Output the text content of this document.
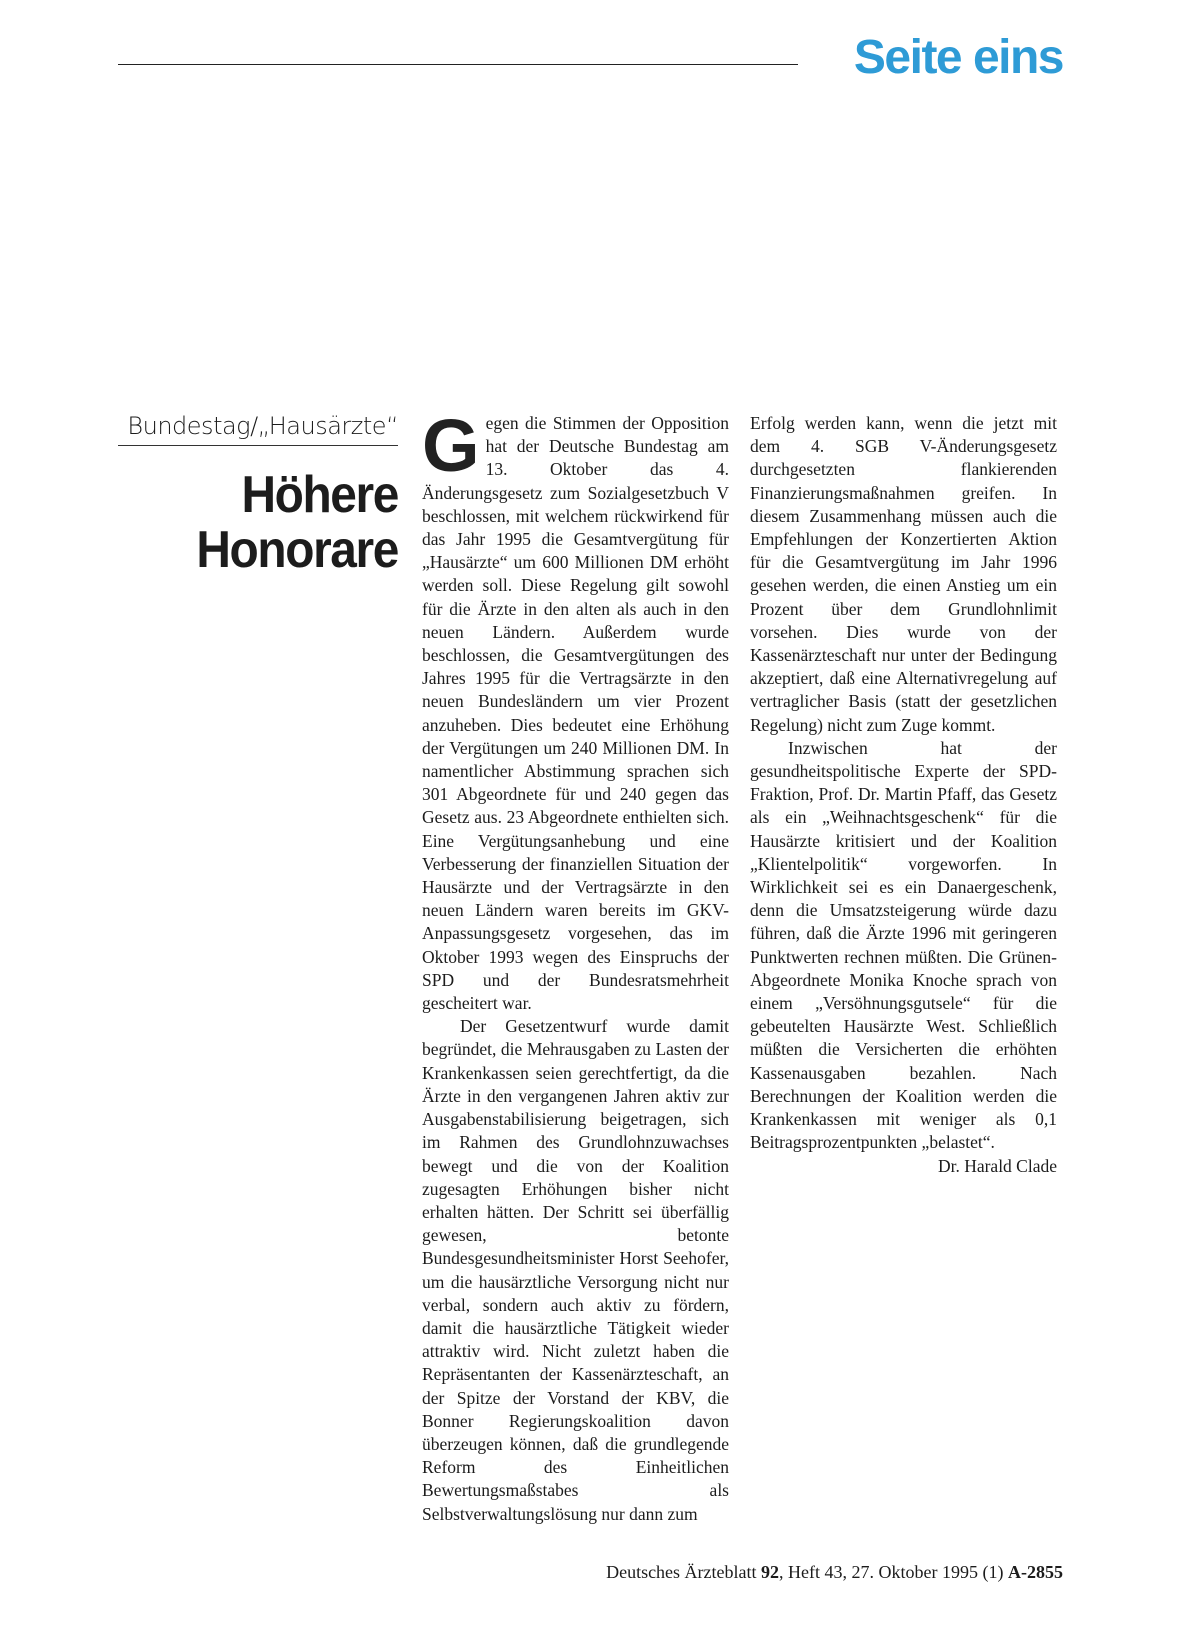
Seite eins
Bundestag/„Hausärzte“
Höhere
Honorare

Gegen die Stimmen der Opposition hat der Deutsche Bundestag am 13. Oktober das 4. Änderungsgesetz zum Sozialgesetzbuch V beschlossen, mit welchem rückwirkend für das Jahr 1995 die Gesamtvergütung für „Hausärzte“ um 600 Millionen DM erhöht werden soll. Diese Regelung gilt sowohl für die Ärzte in den alten als auch in den neuen Ländern. Außerdem wurde beschlossen, die Gesamtvergütungen des Jahres 1995 für die Vertragsärzte in den neuen Bundesländern um vier Prozent anzuheben. Dies bedeutet eine Erhöhung der Vergütungen um 240 Millionen DM. In namentlicher Abstimmung sprachen sich 301 Abgeordnete für und 240 gegen das Gesetz aus. 23 Abgeordnete enthielten sich. Eine Vergütungsanhebung und eine Verbesserung der finanziellen Situation der Hausärzte und der Vertragsärzte in den neuen Ländern waren bereits im GKV-Anpassungsgesetz vorgesehen, das im Oktober 1993 wegen des Einspruchs der SPD und der Bundesratsmehrheit gescheitert war.

Der Gesetzentwurf wurde damit begründet, die Mehrausgaben zu Lasten der Krankenkassen seien gerechtfertigt, da die Ärzte in den vergangenen Jahren aktiv zur Ausgabenstabilisierung beigetragen, sich im Rahmen des Grundlohnzuwachses bewegt und die von der Koalition zugesagten Erhöhungen bisher nicht erhalten hätten. Der Schritt sei überfällig gewesen, betonte Bundesgesundheitsminister Horst Seehofer, um die hausärztliche Versorgung nicht nur verbal, sondern auch aktiv zu fördern, damit die hausärztliche Tätigkeit wieder attraktiv wird. Nicht zuletzt haben die Repräsentanten der Kassenärzteschaft, an der Spitze der Vorstand der KBV, die Bonner Regierungskoalition davon überzeugen können, daß die grundlegende Reform des Einheitlichen Bewertungsmaßstabes als Selbstverwaltungslösung nur dann zum

Erfolg werden kann, wenn die jetzt mit dem 4. SGB V-Änderungsgesetz durchgesetzten flankierenden Finanzierungsmaßnahmen greifen. In diesem Zusammenhang müssen auch die Empfehlungen der Konzertierten Aktion für die Gesamtvergütung im Jahr 1996 gesehen werden, die einen Anstieg um ein Prozent über dem Grundlohnlimit vorsehen. Dies wurde von der Kassenärzteschaft nur unter der Bedingung akzeptiert, daß eine Alternativregelung auf vertraglicher Basis (statt der gesetzlichen Regelung) nicht zum Zuge kommt.

Inzwischen hat der gesundheitspolitische Experte der SPD-Fraktion, Prof. Dr. Martin Pfaff, das Gesetz als ein „Weihnachtsgeschenk“ für die Hausärzte kritisiert und der Koalition „Klientelpolitik“ vorgeworfen. In Wirklichkeit sei es ein Danaergeschenk, denn die Umsatzsteigerung würde dazu führen, daß die Ärzte 1996 mit geringeren Punktwerten rechnen müßten. Die Grünen-Abgeordnete Monika Knoche sprach von einem „Versöhnungsgutsele“ für die gebeutelten Hausärzte West. Schließlich müßten die Versicherten die erhöhten Kassenausgaben bezahlen. Nach Berechnungen der Koalition werden die Krankenkassen mit weniger als 0,1 Beitragsprozentpunkten „belastet“.
Dr. Harald Clade

Deutsches Ärzteblatt 92, Heft 43, 27. Oktober 1995 (1) A-2855
